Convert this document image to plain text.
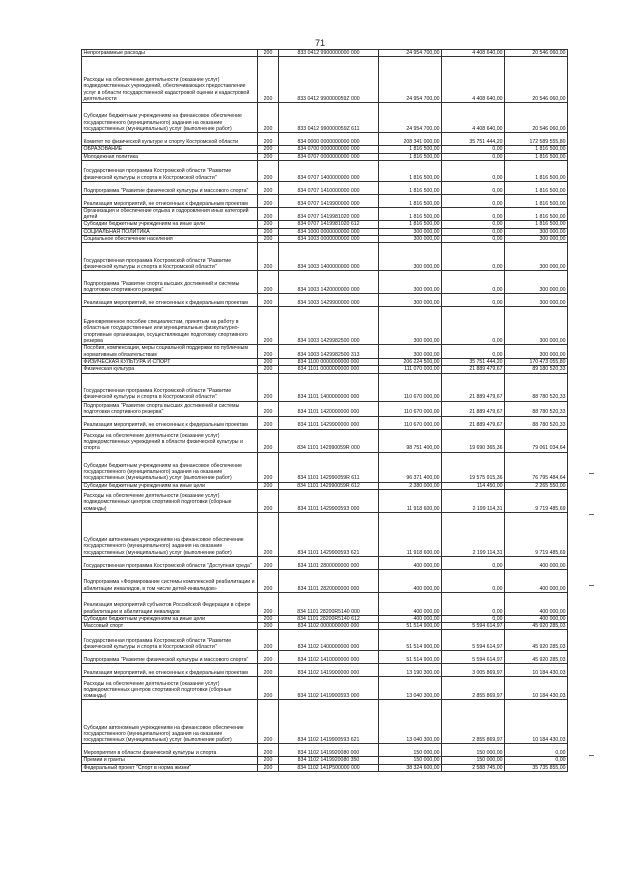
71
Непрограммные расходы	200	833 0412 9900000000 000	24 954 700,00	4 408 640,00	20 546 060,00
Расходы на обеспечение деятельности (оказание услуг) подведомственных учреждений, обеспечивающих предоставление услуг в области государственной кадастровой оценки и кадастровой деятельности	200	833 0412 990000059Z 000	24 954 700,00	4 408 640,00	20 546 060,00
Субсидии бюджетным учреждениям на финансовое обеспечение государственного (муниципального) задания на оказание государственных (муниципальных) услуг (выполнение работ)	200	833 0412 990000059Z 611	24 954 700,00	4 408 640,00	20 546 060,00
Комитет по физической культуре и спорту Костромской области	200	834 0000 0000000000 000	208 341 000,00	35 751 444,20	172 589 555,80
ОБРАЗОВАНИЕ	200	834 0700 0000000000 000	1 816 500,00	0,00	1 816 500,00
Молодежная политика	200	834 0707 0000000000 000	1 816 500,00	0,00	1 816 500,00
Государственная программа Костромской области "Развитие физической культуры и спорта в Костромской области"	200	834 0707 1400000000 000	1 816 500,00	0,00	1 816 500,00
Подпрограмма "Развитие физической культуры и массового спорта"	200	834 0707 1410000000 000	1 816 500,00	0,00	1 816 500,00
Реализация мероприятий, не отнесенных к федеральным проектам	200	834 0707 1419900000 000	1 816 500,00	0,00	1 816 500,00
Организация и обеспечение отдыха и оздоровления иных категорий детей	200	834 0707 1419981020 000	1 816 500,00	0,00	1 816 500,00
Субсидии бюджетным учреждениям на иные цели	200	834 0707 1419981020 612	1 816 500,00	0,00	1 816 500,00
СОЦИАЛЬНАЯ ПОЛИТИКА	200	834 1000 0000000000 000	300 000,00	0,00	300 000,00
Социальное обеспечение населения	200	834 1003 0000000000 000	300 000,00	0,00	300 000,00
Государственная программа Костромской области "Развитие физической культуры и спорта в Костромской области"	200	834 1003 1400000000 000	300 000,00	0,00	300 000,00
Подпрограмма "Развитие спорта высших достижений и системы подготовки спортивного резерва"	200	834 1003 1420000000 000	300 000,00	0,00	300 000,00
Реализация мероприятий, не отнесенных к федеральным проектам	200	834 1003 1429900000 000	300 000,00	0,00	300 000,00
Единовременное пособие специалистам, принятым на работу в областные государственные или муниципальные физкультурно-спортивные организации, осуществляющие подготовку спортивного резерва	200	834 1003 1429982500 000	300 000,00	0,00	300 000,00
Пособия, компенсации, меры социальной поддержки по публичным нормативным обязательствам	200	834 1003 1429982500 313	300 000,00	0,00	300 000,00
ФИЗИЧЕСКАЯ КУЛЬТУРА И СПОРТ	200	834 1100 0000000000 000	206 224 500,00	35 751 444,20	170 473 055,80
Физическая культура	200	834 1101 0000000000 000	111 070 000,00	21 889 479,67	89 180 520,33
Государственная программа Костромской области "Развитие физической культуры и спорта в Костромской области"	200	834 1101 1400000000 000	110 670 000,00	21 889 479,67	88 780 520,33
Подпрограмма "Развитие спорта высших достижений и системы подготовки спортивного резерва"	200	834 1101 1420000000 000	110 670 000,00	21 889 479,67	88 780 520,33
Реализация мероприятий, не отнесенных к федеральным проектам	200	834 1101 1429900000 000	110 670 000,00	21 889 479,67	88 780 520,33
Расходы на обеспечение деятельности (оказание услуг) подведомственных учреждений в области физической культуры и спорта	200	834 1101 142990059R 000	98 751 400,00	19 690 365,36	79 061 034,64
Субсидии бюджетным учреждениям на финансовое обеспечение государственного (муниципального) задания на оказание государственных (муниципальных) услуг (выполнение работ)	200	834 1101 142990059R 611	96 371 400,00	19 575 915,36	76 795 484,64
Субсидии бюджетным учреждениям на иные цели	200	834 1101 142990059R 612	2 380 000,00	114 450,00	2 265 550,00
Расходы на обеспечение деятельности (оказание услуг) подведомственных центров спортивной подготовки (сборные команды)	200	834 1101 142990059З 000	11 918 600,00	2 199 114,31	9 719 485,69
Субсидии автономным учреждениям на финансовое обеспечение государственного (муниципального) задания на оказание государственных (муниципальных) услуг (выполнение работ)	200	834 1101 142990059З 621	11 918 600,00	2 199 114,31	9 719 485,69
Государственная программа Костромской области "Доступная среда"	200	834 1101 2800000000 000	400 000,00	0,00	400 000,00
Подпрограмма «Формирование системы комплексной реабилитации и абилитации инвалидов, в том числе детей-инвалидов»	200	834 1101 2820000000 000	400 000,00	0,00	400 000,00
Реализация мероприятий субъектов Российской Федерации в сфере реабилитации и абилитации инвалидов	200	834 1101 28200R5140 000	400 000,00	0,00	400 000,00
Субсидии бюджетным учреждениям на иные цели	200	834 1101 28200R5140 612	400 000,00	0,00	400 000,00
Массовый спорт	200	834 1102 0000000000 000	51 514 900,00	5 594 614,97	45 920 285,03
Государственная программа Костромской области "Развитие физической культуры и спорта в Костромской области"	200	834 1102 1400000000 000	51 514 900,00	5 594 614,97	45 920 285,03
Подпрограмма "Развитие физической культуры и массового спорта"	200	834 1102 1410000000 000	51 514 900,00	5 594 614,97	45 920 285,03
Реализация мероприятий, не отнесенных к федеральным проектам	200	834 1102 1419900000 000	13 190 300,00	3 005 869,97	10 184 430,03
Расходы на обеспечение деятельности (оказание услуг) подведомственных центров спортивной подготовки (сборные команды)	200	834 1102 141990059З 000	13 040 300,00	2 855 869,97	10 184 430,03
Субсидии автономным учреждениям на финансовое обеспечение государственного (муниципального) задания на оказание государственных (муниципальных) услуг (выполнение работ)	200	834 1102 141990059З 621	13 040 300,00	2 855 869,97	10 184 430,03
Мероприятия в области физической культуры и спорта	200	834 1102 1419920080 000	150 000,00	150 000,00	0,00
Премии и гранты	200	834 1102 1419920080 350	150 000,00	150 000,00	0,00
Федеральный проект "Спорт в норма жизни"	200	834 1102 141P500000 000	38 324 600,00	2 588 745,00	35 735 855,00
